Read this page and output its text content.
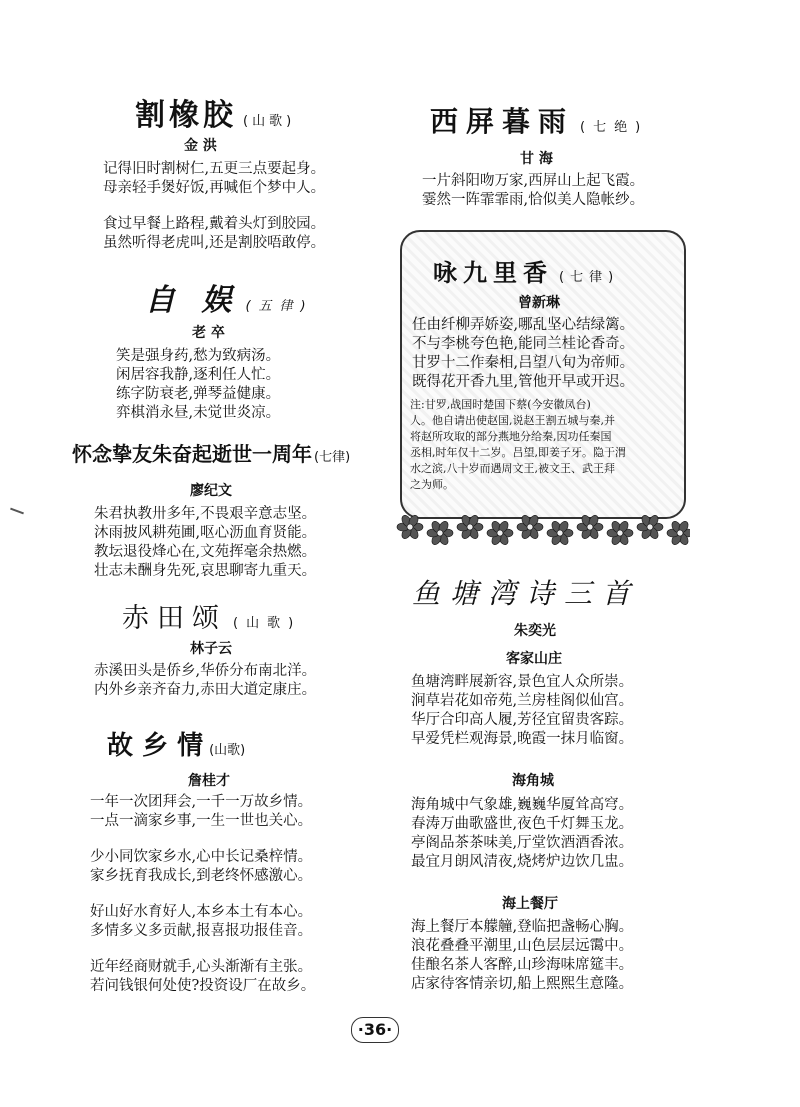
割橡胶 (山歌)
金 洪
记得旧时割树仁,五更三点要起身。
母亲轻手煲好饭,再喊佢个梦中人。
食过早餐上路程,戴着头灯到胶园。
虽然听得老虎叫,还是割胶唔敢停。
自 娱 (五律)
老 卒
笑是强身药,愁为致病汤。
闲居容我静,逐利任人忙。
练字防衰老,弹琴益健康。
弈棋消永昼,未觉世炎凉。
怀念挚友朱奋起逝世一周年 (七律)
廖纪文
朱君执教卅多年,不畏艰辛意志坚。
沐雨披风耕苑圃,呕心沥血育贤能。
教坛退役烽心在,文苑挥毫余热燃。
壮志未酬身先死,哀思聊寄九重天。
赤田颂 (山歌)
林子云
赤溪田头是侨乡,华侨分布南北洋。
内外乡亲齐奋力,赤田大道定康庄。
故 乡 情 (山歌)
詹桂才
一年一次团拜会,一千一万故乡情。
一点一滴家乡事,一生一世也关心。
少小同饮家乡水,心中长记桑梓情。
家乡抚育我成长,到老终怀感激心。
好山好水育好人,本乡本土有本心。
多情多义多贡献,报喜报功报佳音。
近年经商财就手,心头渐渐有主张。
若问钱银何处使?投资设厂在故乡。
西屏暮雨 (七绝)
甘 海
一片斜阳吻万家,西屏山上起飞霞。
霎然一阵霏霏雨,恰似美人隐帐纱。
咏九里香 (七律)
曾新琳
任由纤柳弄娇姿,哪乱坚心结绿篱。
不与李桃夸色艳,能同兰桂论香奇。
甘罗十二作秦相,吕望八旬为帝师。
既得花开香九里,管他开早或开迟。
注:甘罗,战国时楚国下蔡(今安徽凤台)
人。他自请出使赵国,说赵王割五城与秦,并
将赵所攻取的部分燕地分给秦,因功任秦国
丞相,时年仅十二岁。吕望,即姜子牙。隐于渭
水之滨,八十岁而遇周文王,被文王、武王拜
之为师。
鱼塘湾诗三首
朱奕光
客家山庄
鱼塘湾畔展新容,景色宜人众所崇。
涧草岩花如帝苑,兰房桂阁似仙宫。
华厅合印高人履,芳径宜留贵客踪。
早爱凭栏观海景,晚霞一抹月临窗。
海角城
海角城中气象雄,巍巍华厦耸高穹。
春涛万曲歌盛世,夜色千灯舞玉龙。
亭阁品茶茶味美,厅堂饮酒酒香浓。
最宜月朗风清夜,烧烤炉边饮几盅。
海上餐厅
海上餐厅本艨艟,登临把盏畅心胸。
浪花叠叠平潮里,山色层层远霭中。
佳酿名茶人客醉,山珍海味席筵丰。
店家待客情亲切,船上熙熙生意隆。
·36·
